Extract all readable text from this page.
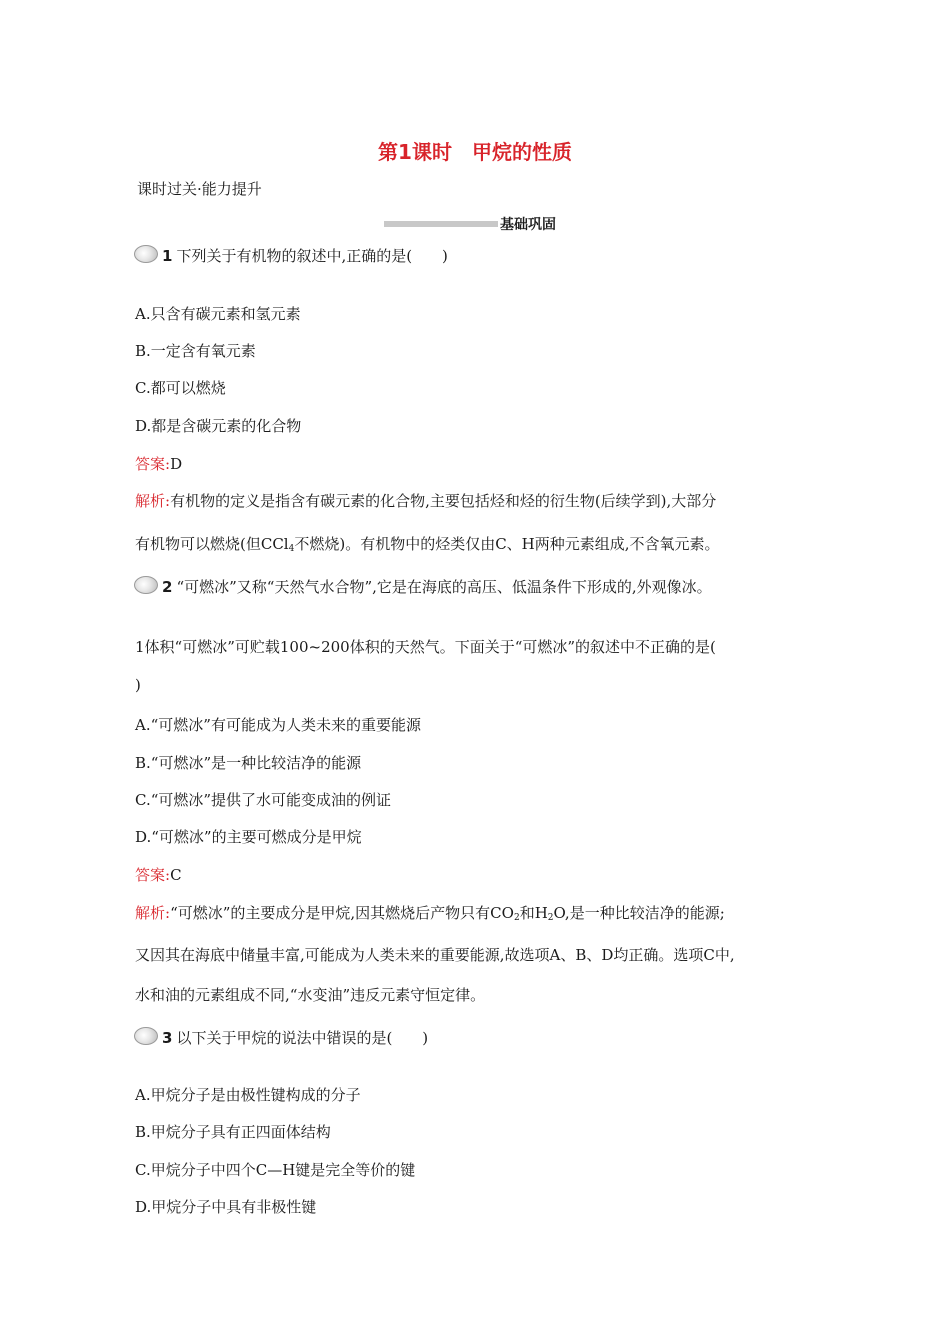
第1课时　甲烷的性质
课时过关·能力提升
基础巩固
1 下列关于有机物的叙述中,正确的是(　　)
A.只含有碳元素和氢元素
B.一定含有氧元素
C.都可以燃烧
D.都是含碳元素的化合物
答案:D
解析:有机物的定义是指含有碳元素的化合物,主要包括烃和烃的衍生物(后续学到),大部分
有机物可以燃烧(但CCl$_4$不燃烧)。有机物中的烃类仅由C、H两种元素组成,不含氧元素。
2 “可燃冰”又称“天然气水合物”,它是在海底的高压、低温条件下形成的,外观像冰。
1体积“可燃冰”可贮载100~200体积的天然气。下面关于“可燃冰”的叙述中不正确的是(
)
A.“可燃冰”有可能成为人类未来的重要能源
B.“可燃冰”是一种比较洁净的能源
C.“可燃冰”提供了水可能变成油的例证
D.“可燃冰”的主要可燃成分是甲烷
答案:C
解析:“可燃冰”的主要成分是甲烷,因其燃烧后产物只有$CO_2$和$H_2O$,是一种比较洁净的能源;
又因其在海底中储量丰富,可能成为人类未来的重要能源,故选项A、B、D均正确。选项C中,
水和油的元素组成不同,“水变油”违反元素守恒定律。
3 以下关于甲烷的说法中错误的是(　　)
A.甲烷分子是由极性键构成的分子
B.甲烷分子具有正四面体结构
C.甲烷分子中四个C—H键是完全等价的键
D.甲烷分子中具有非极性键
